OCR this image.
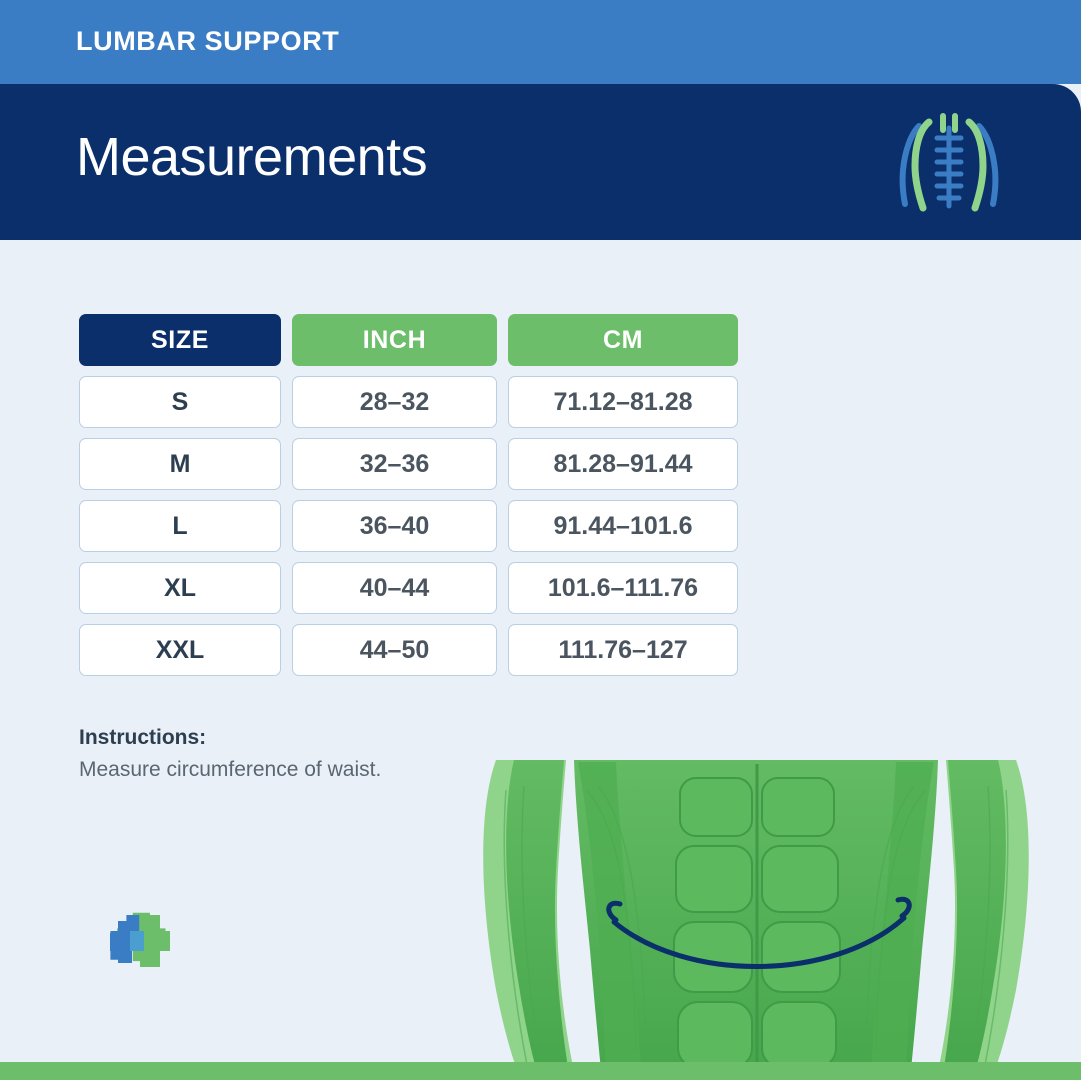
LUMBAR SUPPORT
Measurements
SIZE	INCH	CM
S	28–32	71.12–81.28
M	32–36	81.28–91.44
L	36–40	91.44–101.6
XL	40–44	101.6–111.76
XXL	44–50	111.76–127
Instructions:
Measure circumference of waist.
